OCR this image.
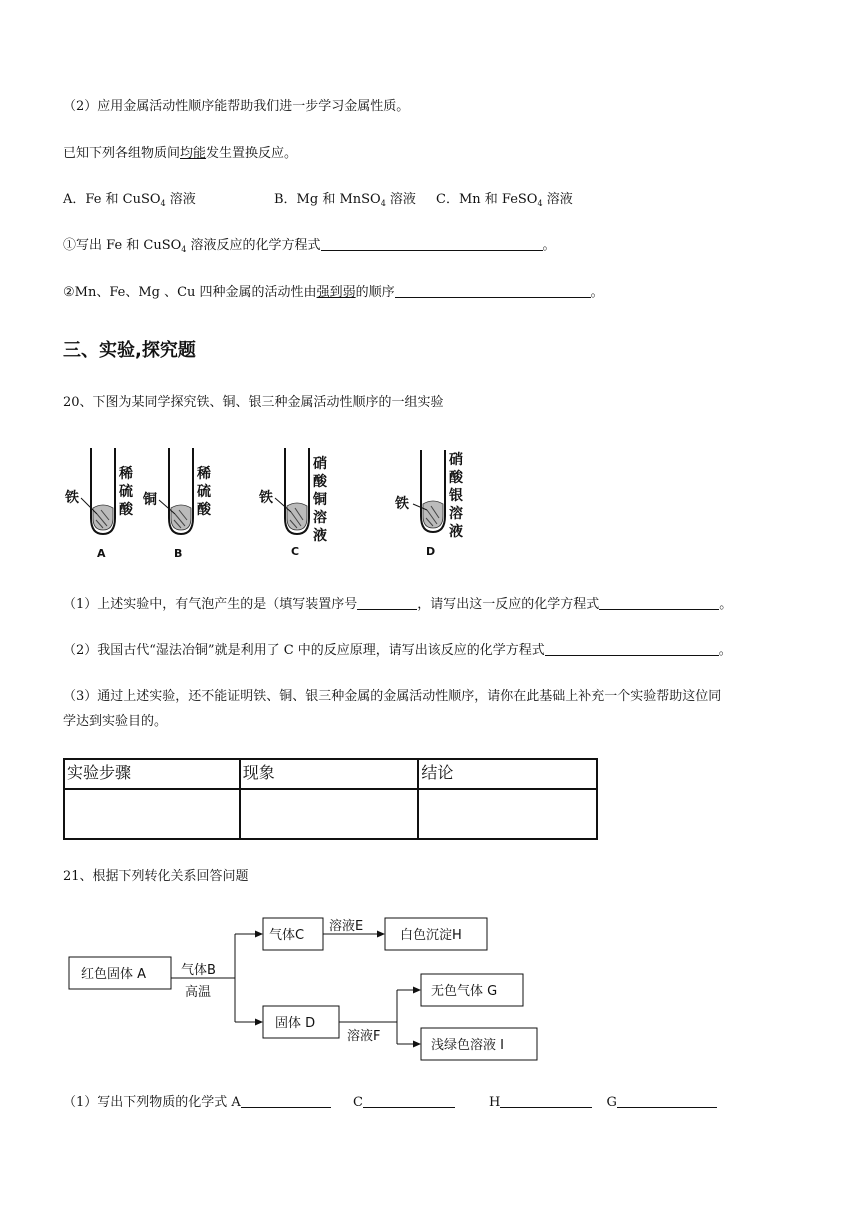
（2）应用金属活动性顺序能帮助我们进一步学习金属性质。
已知下列各组物质间均能发生置换反应。
A．Fe 和 CuSO$_4$ 溶液	B．Mg 和 MnSO$_4$ 溶液 C．Mn 和 FeSO$_4$ 溶液
①写出 Fe 和 CuSO$_4$ 溶液反应的化学方程式	。
②Mn、Fe、Mg 、Cu 四种金属的活动性由强到弱的顺序	。
三、实验,探究题
20、下图为某同学探究铁、铜、银三种金属活动性顺序的一组实验
铁
稀
硫
酸
A
铜
稀
硫
酸
B
铁
硝
酸
铜
溶
液
C
铁
硝
酸
银
溶
液
D
（1）上述实验中，有气泡产生的是（填写装置序号	，请写出这一反应的化学方程式	。
（2）我国古代“湿法冶铜”就是利用了 C 中的反应原理，请写出该反应的化学方程式	。
（3）通过上述实验，还不能证明铁、铜、银三种金属的金属活动性顺序，请你在此基础上补充一个实验帮助这位同
学达到实验目的。
实验步骤	现象	结论

21、根据下列转化关系回答问题
红色固体 A
气体C	白色沉淀H
固体 D
无色气体 G
浅绿色溶液 I
气体B
高温
溶液E
溶液F
（1）写出下列物质的化学式 A	C	H	G
